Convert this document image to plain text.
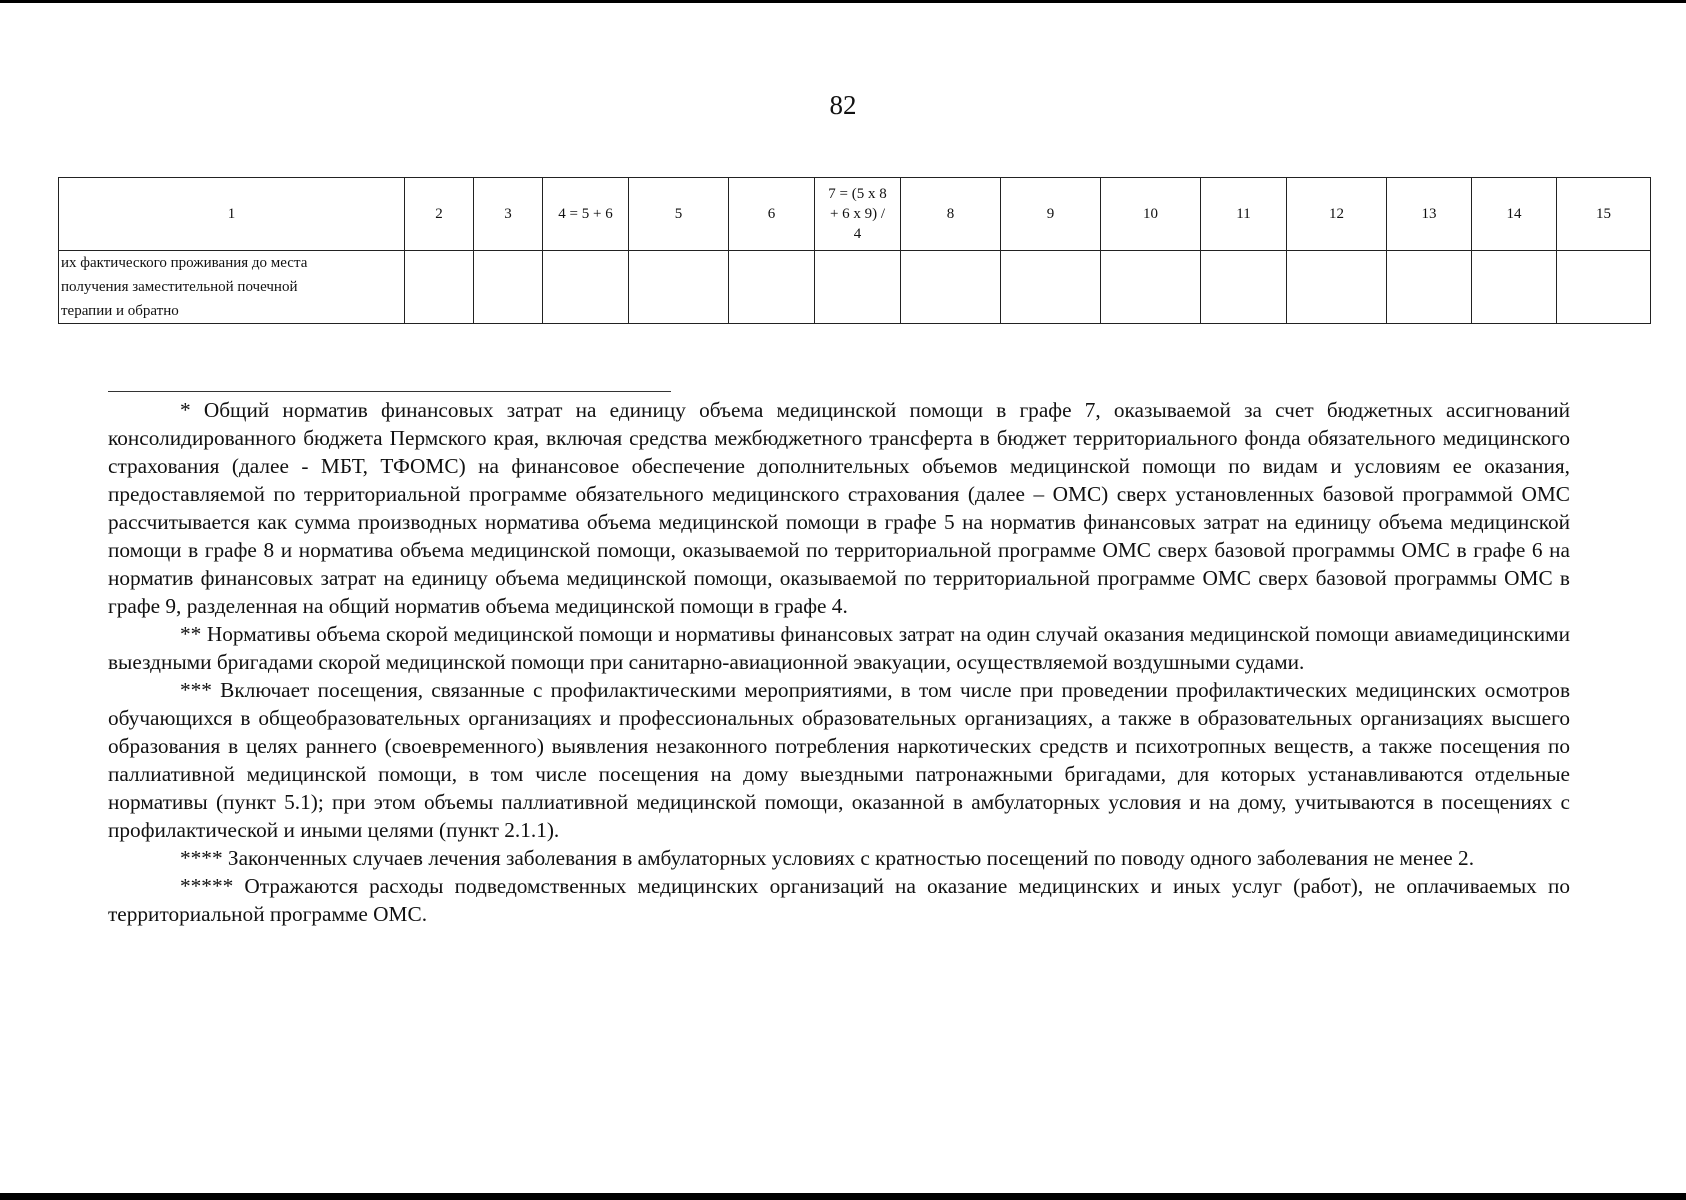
82
1	2	3	4 = 5 + 6	5	6	7 = (5 х 8
+ 6 х 9) /
4	8	9	10	11	12	13	14	15

их фактического проживания до места
получения заместительной почечной
терапии и обратно														

* Общий норматив финансовых затрат на единицу объема медицинской помощи в графе 7, оказываемой за счет бюджетных ассигнований консолидированного бюджета Пермского края, включая средства межбюджетного трансферта в бюджет территориального фонда обязательного медицинского страхования (далее - МБТ, ТФОМС) на финансовое обеспечение дополнительных объемов медицинской помощи по видам и условиям ее оказания, предоставляемой по территориальной программе обязательного медицинского страхования (далее – ОМС) сверх установленных базовой программой ОМС рассчитывается как сумма производных норматива объема медицинской помощи в графе 5 на норматив финансовых затрат на единицу объема медицинской помощи в графе 8 и норматива объема медицинской помощи, оказываемой по территориальной программе ОМС сверх базовой программы ОМС в графе 6 на норматив финансовых затрат на единицу объема медицинской помощи, оказываемой по территориальной программе ОМС сверх базовой программы ОМС в графе 9, разделенная на общий норматив объема медицинской помощи в графе 4.

** Нормативы объема скорой медицинской помощи и нормативы финансовых затрат на один случай оказания медицинской помощи авиамедицинскими выездными бригадами скорой медицинской помощи при санитарно-авиационной эвакуации, осуществляемой воздушными судами.

*** Включает посещения, связанные с профилактическими мероприятиями, в том числе при проведении профилактических медицинских осмотров обучающихся в общеобразовательных организациях и профессиональных образовательных организациях, а также в образовательных организациях высшего образования в целях раннего (своевременного) выявления незаконного потребления наркотических средств и психотропных веществ, а также посещения по паллиативной медицинской помощи, в том числе посещения на дому выездными патронажными бригадами, для которых устанавливаются отдельные нормативы (пункт 5.1); при этом объемы паллиативной медицинской помощи, оказанной в амбулаторных условия и на дому, учитываются в посещениях с профилактической и иными целями (пункт 2.1.1).

**** Законченных случаев лечения заболевания в амбулаторных условиях с кратностью посещений по поводу одного заболевания не менее 2.

***** Отражаются расходы подведомственных медицинских организаций на оказание медицинских и иных услуг (работ), не оплачиваемых по территориальной программе ОМС.
